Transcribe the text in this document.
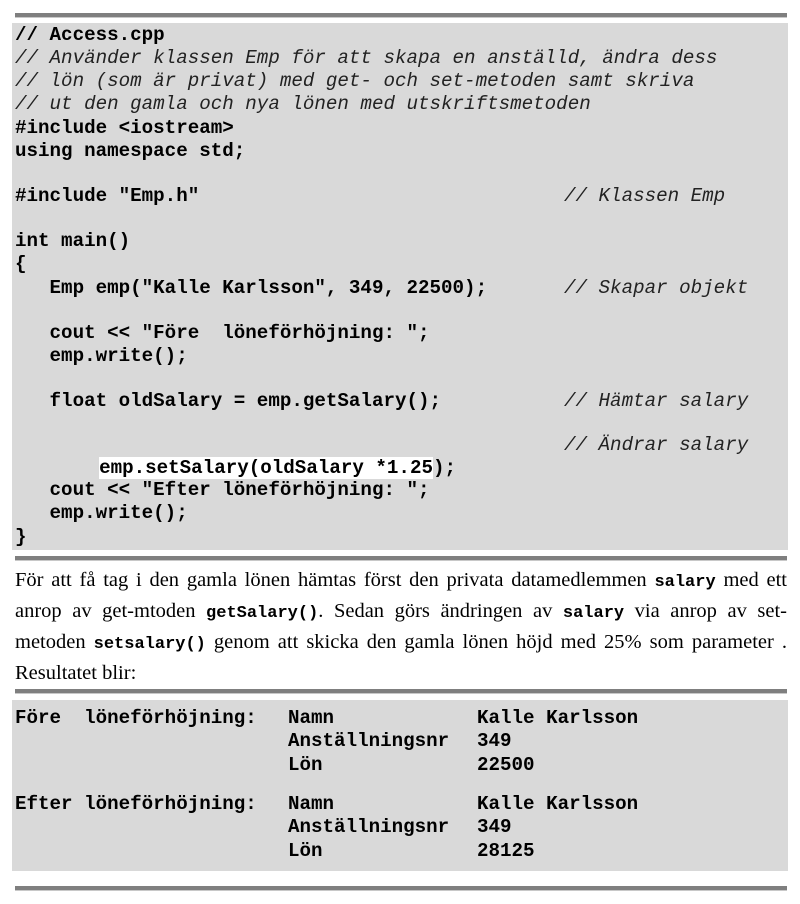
// Access.cpp
// Använder klassen Emp för att skapa en anställd, ändra dess
// lön (som är privat) med get- och set-metoden samt skriva
// ut den gamla och nya lönen med utskriftsmetoden
#include <iostream>
using namespace std;
#include "Emp.h"	// Klassen Emp
int main()
{
Emp emp("Kalle Karlsson", 349, 22500);	// Skapar objekt
cout << "Före  löneförhöjning: ";
emp.write();
float oldSalary = emp.getSalary();	// Hämtar salary

emp.setSalary(oldSalary *1.25);

// Ändrar salary
cout << "Efter löneförhöjning: ";
emp.write();
}
För att få tag i den gamla lönen hämtas först den privata datamedlemmen salary med ett anrop av get-mtoden getSalary(). Sedan görs ändringen av salary via anrop av set-metoden setsalary() genom att skicka den gamla lönen höjd med 25% som parameter . Resultatet blir:
Före  löneförhöjning: Namn	Kalle Karlsson
Anställningsnr 349
Lön	22500
Efter löneförhöjning: Namn	Kalle Karlsson
Anställningsnr 349
Lön	28125
